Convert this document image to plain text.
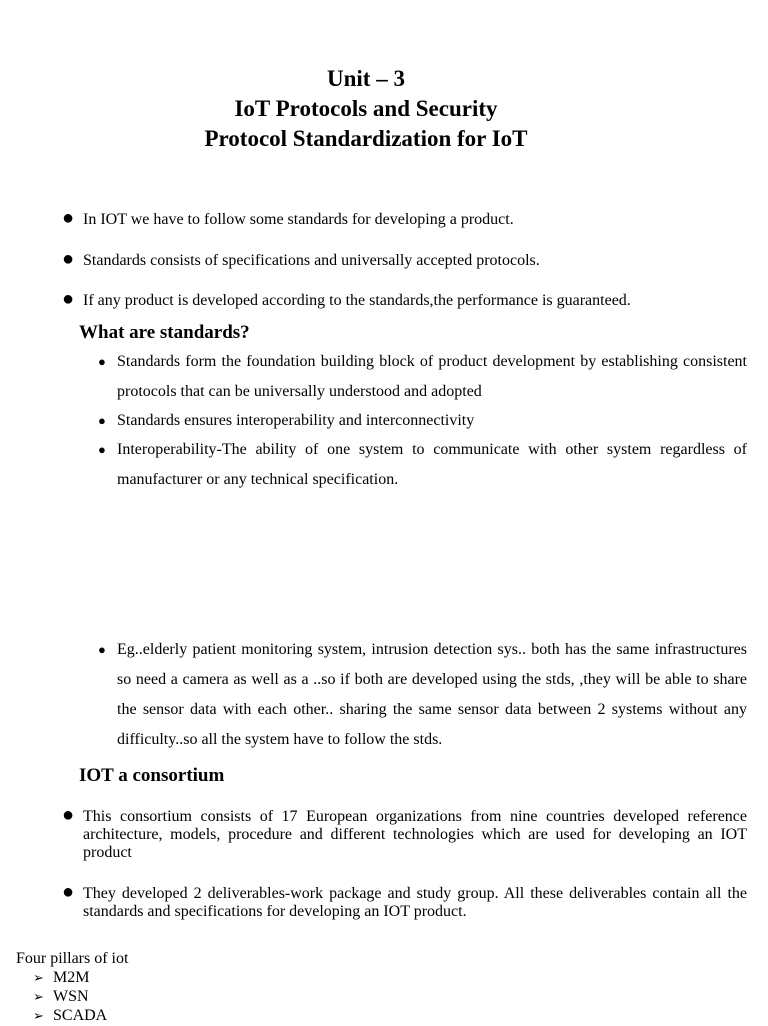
Unit – 3
IoT Protocols and Security
Protocol Standardization for IoT
● In IOT we have to follow some standards for developing a product.
● Standards consists of specifications and universally accepted protocols.
● If any product is developed according to the standards,the performance is guaranteed.
What are standards?
● Standards form the foundation building block of product development by establishing consistent protocols that can be universally understood and adopted
● Standards ensures interoperability and interconnectivity
● Interoperability-The ability of one system to communicate with other system regardless of manufacturer or any technical specification.
● Eg..elderly patient monitoring system, intrusion detection sys.. both has the same infrastructures so need a camera as well as a ..so if both are developed using the stds, ,they will be able to share the sensor data with each other.. sharing the same sensor data between 2 systems without any difficulty..so all the system have to follow the stds.
IOT a consortium
● This consortium consists of 17 European organizations from nine countries developed reference architecture, models, procedure and different technologies which are used for developing an IOT product
● They developed 2 deliverables-work package and study group. All these deliverables contain all the standards and specifications for developing an IOT product.
Four pillars of iot
➢ M2M
➢ WSN
➢ SCADA
